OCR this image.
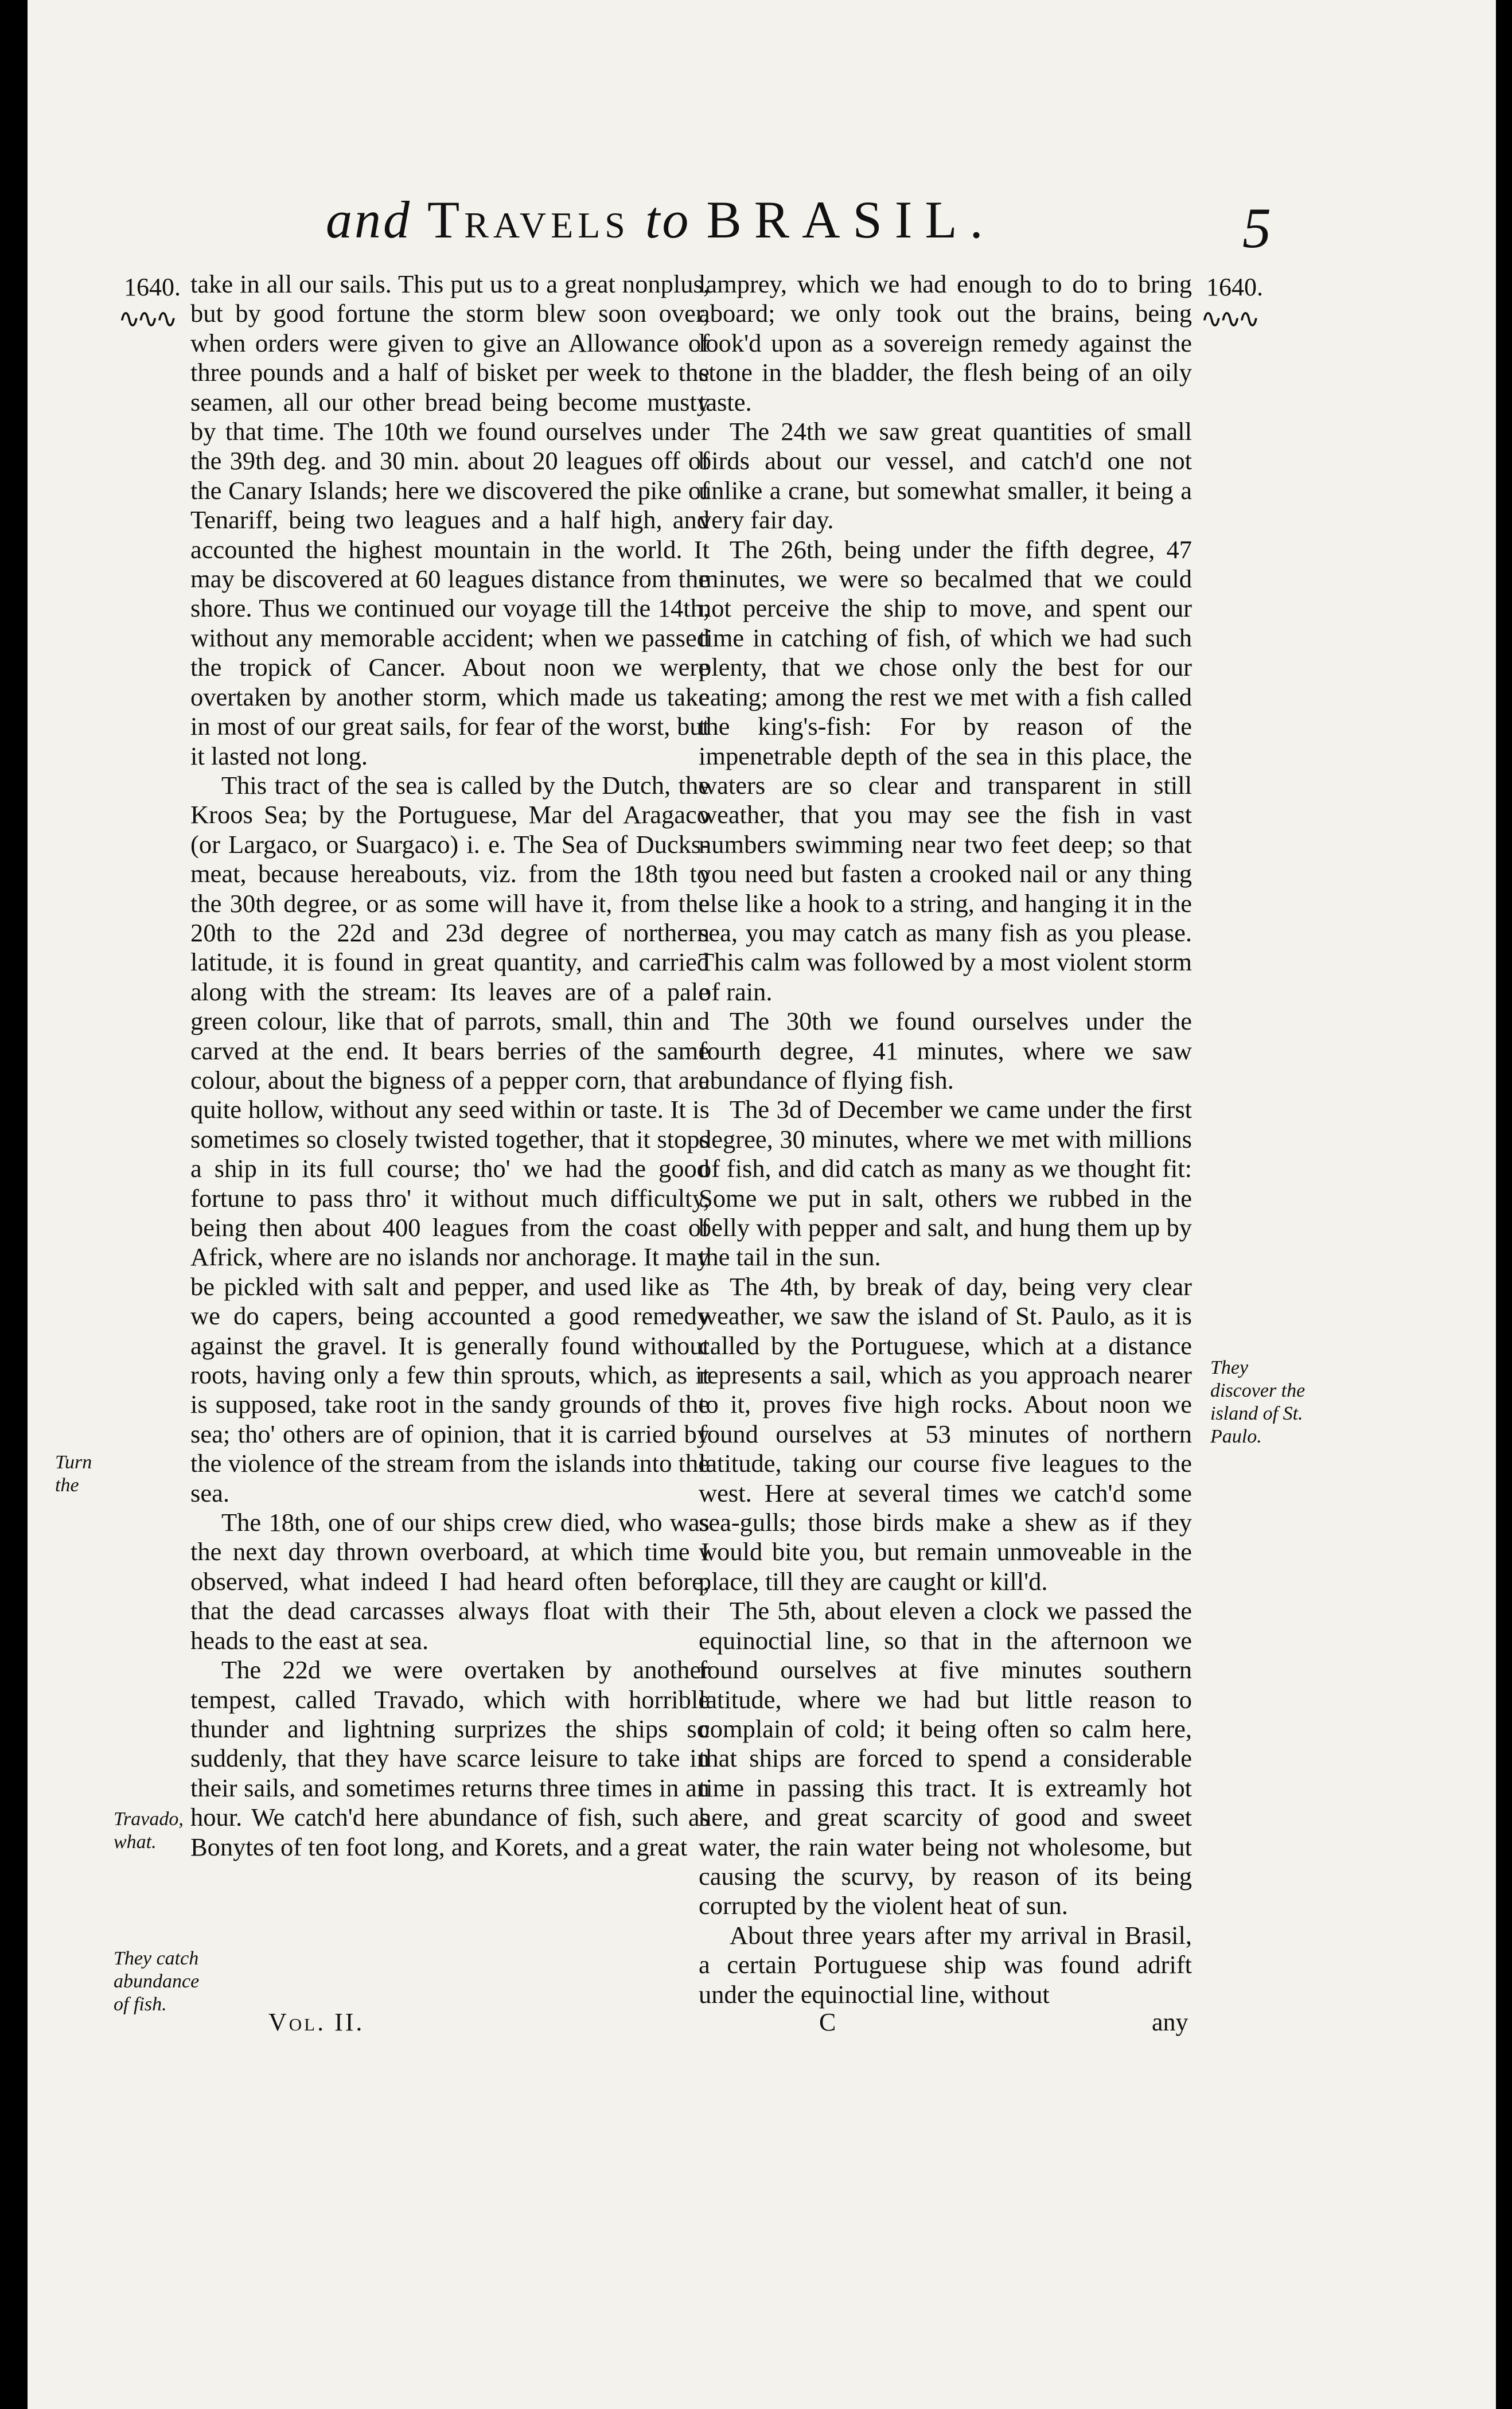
and Travels to BRASIL.	5
1640.
∿∿∿
1640.
∿∿∿
Travado, what.
They catch abundance of fish.
They discover the island of St. Paulo.
Turn the

take in all our sails. This put us to a great nonplus, but by good fortune the storm blew soon over, when orders were given to give an Allowance of three pounds and a half of bisket per week to the seamen, all our other bread being become musty by that time. The 10th we found ourselves under the 39th deg. and 30 min. about 20 leagues off of the Canary Islands; here we discovered the pike of Tenariff, being two leagues and a half high, and accounted the highest mountain in the world. It may be discovered at 60 leagues distance from the shore. Thus we continued our voyage till the 14th, without any memorable accident; when we passed the tropick of Cancer. About noon we were overtaken by another storm, which made us take in most of our great sails, for fear of the worst, but it lasted not long.

This tract of the sea is called by the Dutch, the Kroos Sea; by the Portuguese, Mar del Aragaco (or Largaco, or Suargaco) i. e. The Sea of Ducks-meat, because hereabouts, viz. from the 18th to the 30th degree, or as some will have it, from the 20th to the 22d and 23d degree of northern latitude, it is found in great quantity, and carried along with the stream: Its leaves are of a pale green colour, like that of parrots, small, thin and carved at the end. It bears berries of the same colour, about the bigness of a pepper corn, that are quite hollow, without any seed within or taste. It is sometimes so closely twisted together, that it stops a ship in its full course; tho' we had the good fortune to pass thro' it without much difficulty, being then about 400 leagues from the coast of Africk, where are no islands nor anchorage. It may be pickled with salt and pepper, and used like as we do capers, being accounted a good remedy against the gravel. It is generally found without roots, having only a few thin sprouts, which, as it is supposed, take root in the sandy grounds of the sea; tho' others are of opinion, that it is carried by the violence of the stream from the islands into the sea.

The 18th, one of our ships crew died, who was the next day thrown overboard, at which time I observed, what indeed I had heard often before, that the dead carcasses always float with their heads to the east at sea.

The 22d we were overtaken by another tempest, called Travado, which with horrible thunder and lightning surprizes the ships so suddenly, that they have scarce leisure to take in their sails, and sometimes returns three times in an hour. We catch'd here abundance of fish, such as Bonytes of ten foot long, and Korets, and a great

lamprey, which we had enough to do to bring aboard; we only took out the brains, being look'd upon as a sovereign remedy against the stone in the bladder, the flesh being of an oily taste.

The 24th we saw great quantities of small birds about our vessel, and catch'd one not unlike a crane, but somewhat smaller, it being a very fair day.

The 26th, being under the fifth degree, 47 minutes, we were so becalmed that we could not perceive the ship to move, and spent our time in catching of fish, of which we had such plenty, that we chose only the best for our eating; among the rest we met with a fish called the king's-fish: For by reason of the impenetrable depth of the sea in this place, the waters are so clear and transparent in still weather, that you may see the fish in vast numbers swimming near two feet deep; so that you need but fasten a crooked nail or any thing else like a hook to a string, and hanging it in the sea, you may catch as many fish as you please. This calm was followed by a most violent storm of rain.

The 30th we found ourselves under the fourth degree, 41 minutes, where we saw abundance of flying fish.

The 3d of December we came under the first degree, 30 minutes, where we met with millions of fish, and did catch as many as we thought fit: Some we put in salt, others we rubbed in the belly with pepper and salt, and hung them up by the tail in the sun.

The 4th, by break of day, being very clear weather, we saw the island of St. Paulo, as it is called by the Portuguese, which at a distance represents a sail, which as you approach nearer to it, proves five high rocks. About noon we found ourselves at 53 minutes of northern latitude, taking our course five leagues to the west. Here at several times we catch'd some sea-gulls; those birds make a shew as if they would bite you, but remain unmoveable in the place, till they are caught or kill'd.

The 5th, about eleven a clock we passed the equinoctial line, so that in the afternoon we found ourselves at five minutes southern latitude, where we had but little reason to complain of cold; it being often so calm here, that ships are forced to spend a considerable time in passing this tract. It is extreamly hot here, and great scarcity of good and sweet water, the rain water being not wholesome, but causing the scurvy, by reason of its being corrupted by the violent heat of sun.

About three years after my arrival in Brasil, a certain Portuguese ship was found adrift under the equinoctial line, without

Vol. II.	C	any
